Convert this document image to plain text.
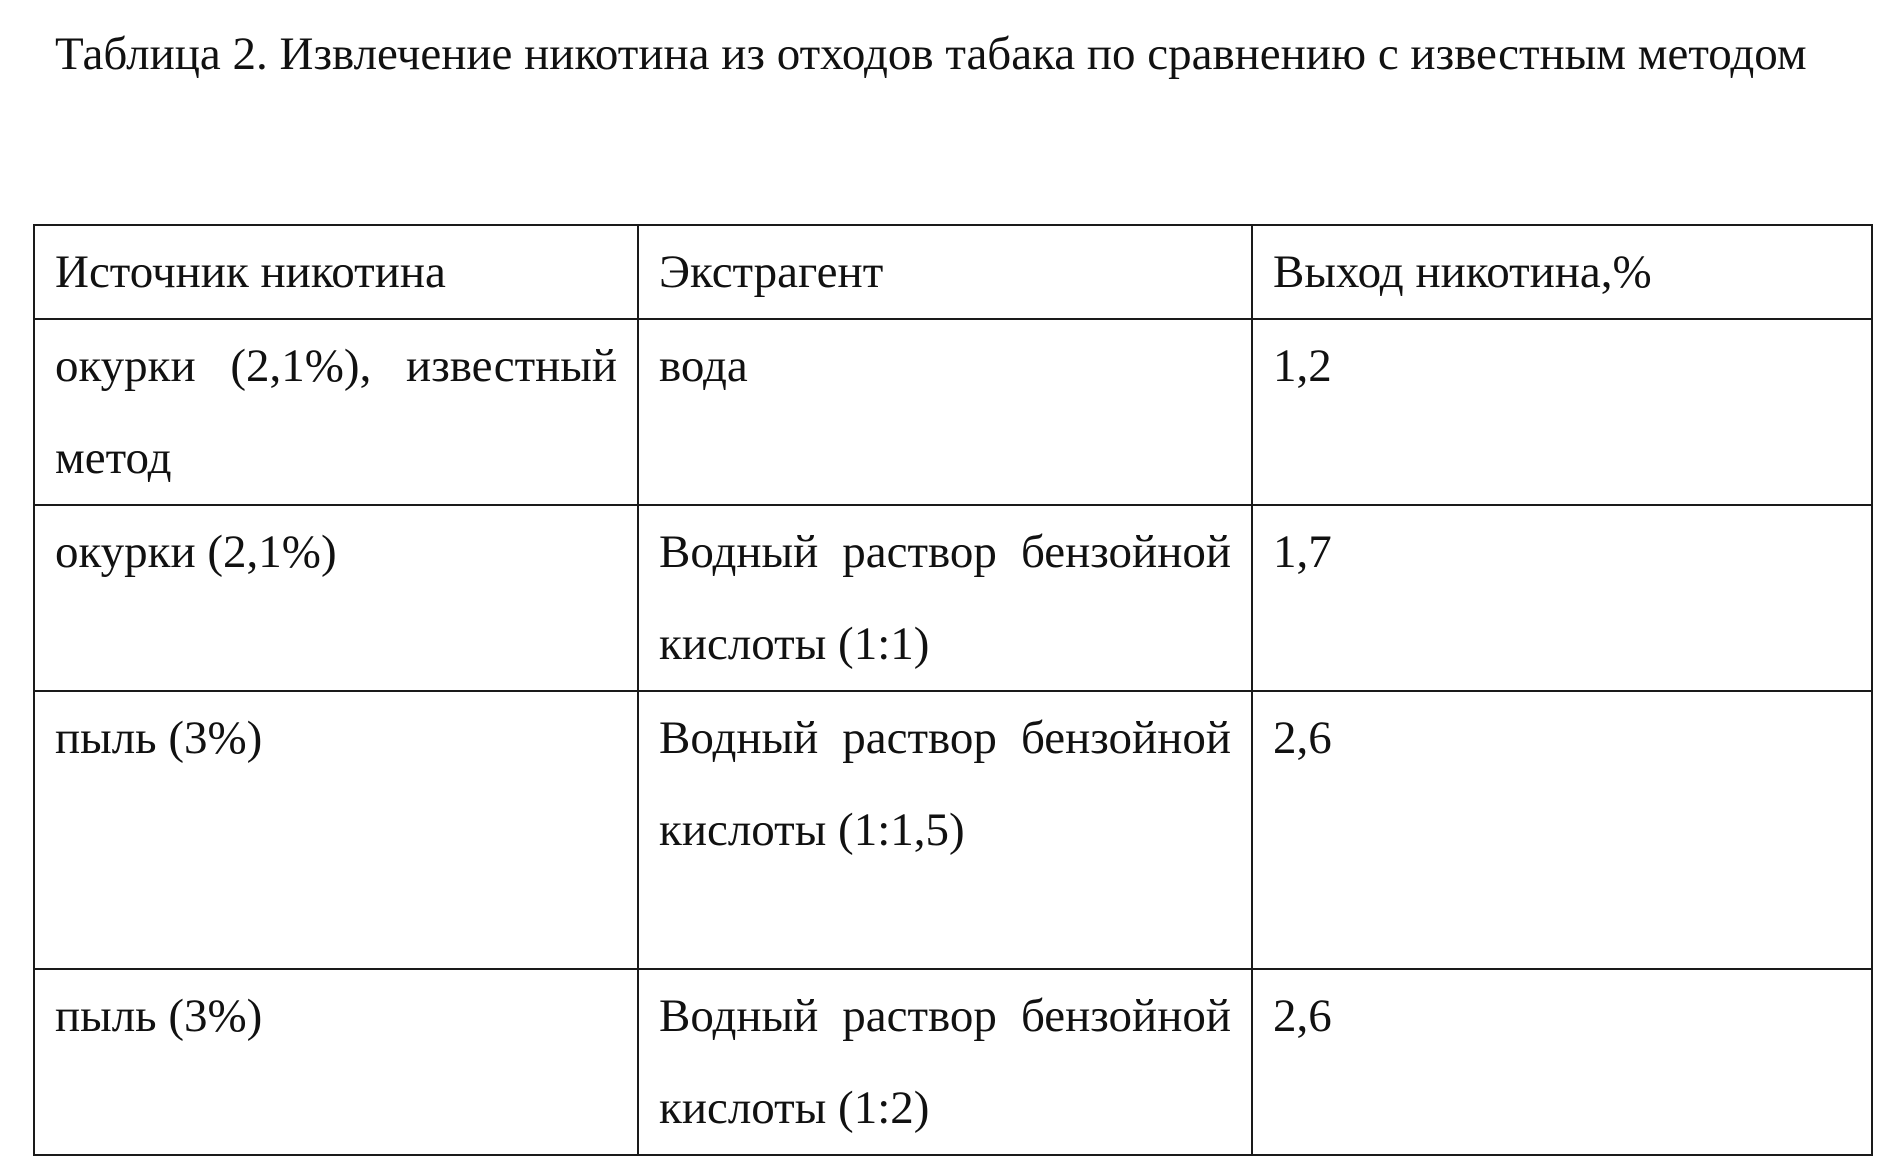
Таблица 2. Извлечение никотина из отходов табака по сравнению с известным методом

Источник никотина	Экстрагент	Выход никотина,%
окурки (2,1%), известный метод	вода	1,2
окурки (2,1%)	Водный раствор бензойной кислоты (1:1)	1,7
пыль (3%)	Водный раствор бензойной кислоты (1:1,5)	2,6
пыль (3%)	Водный раствор бензойной кислоты (1:2)	2,6
